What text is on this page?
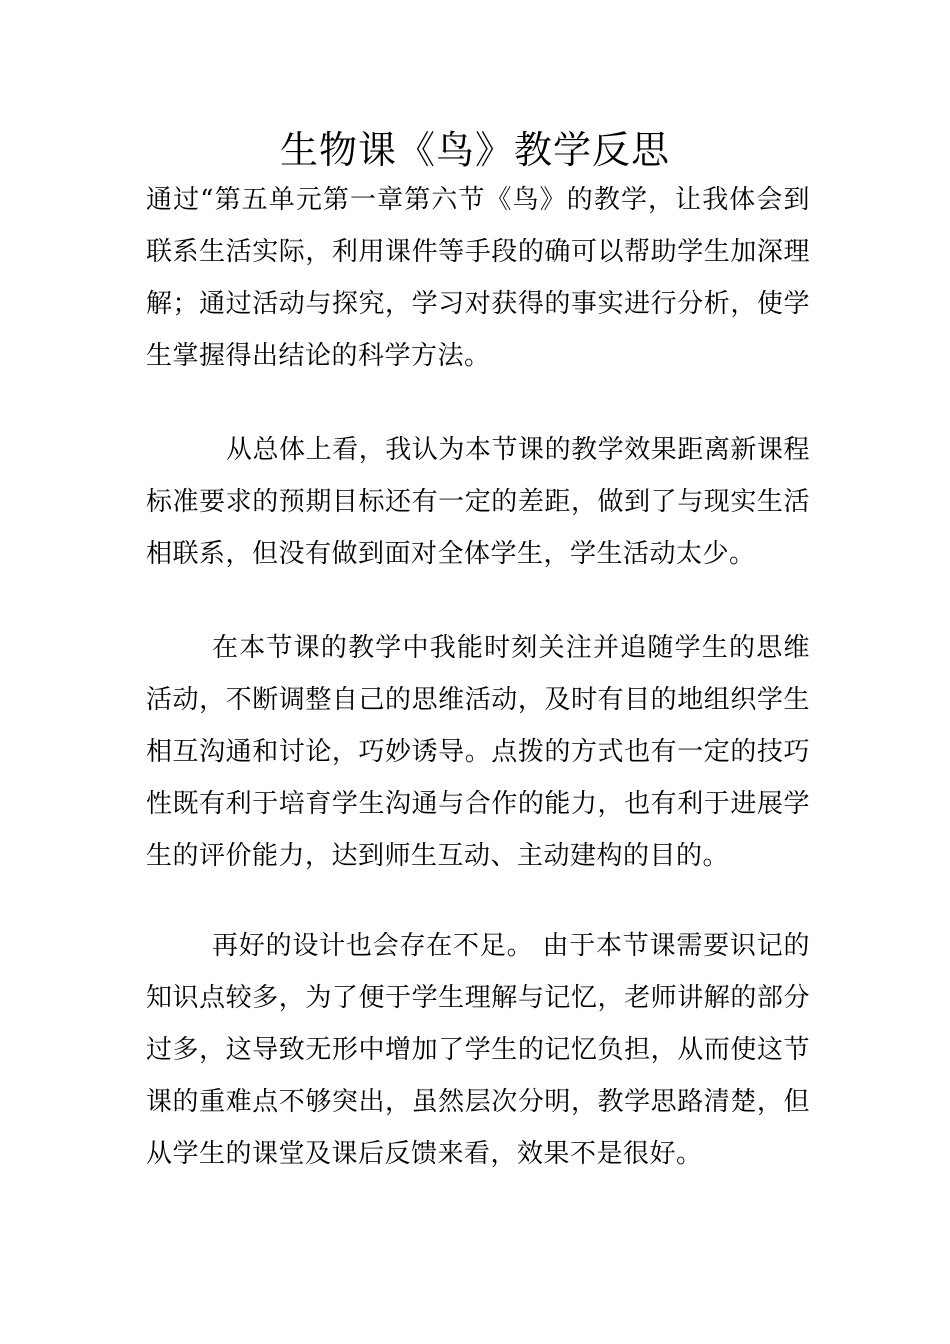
生物课《鸟》教学反思

通过“第五单元第一章第六节《鸟》的教学，让我体会到联系生活实际，利用课件等手段的确可以帮助学生加深理解；通过活动与探究，学习对获得的事实进行分析，使学生掌握得出结论的科学方法。

从总体上看，我认为本节课的教学效果距离新课程标准要求的预期目标还有一定的差距，做到了与现实生活相联系，但没有做到面对全体学生，学生活动太少。

在本节课的教学中我能时刻关注并追随学生的思维活动，不断调整自己的思维活动，及时有目的地组织学生相互沟通和讨论，巧妙诱导。点拨的方式也有一定的技巧性既有利于培育学生沟通与合作的能力，也有利于进展学生的评价能力，达到师生互动、主动建构的目的。

再好的设计也会存在不足。 由于本节课需要识记的知识点较多，为了便于学生理解与记忆，老师讲解的部分过多，这导致无形中增加了学生的记忆负担，从而使这节课的重难点不够突出，虽然层次分明，教学思路清楚，但从学生的课堂及课后反馈来看，效果不是很好。
